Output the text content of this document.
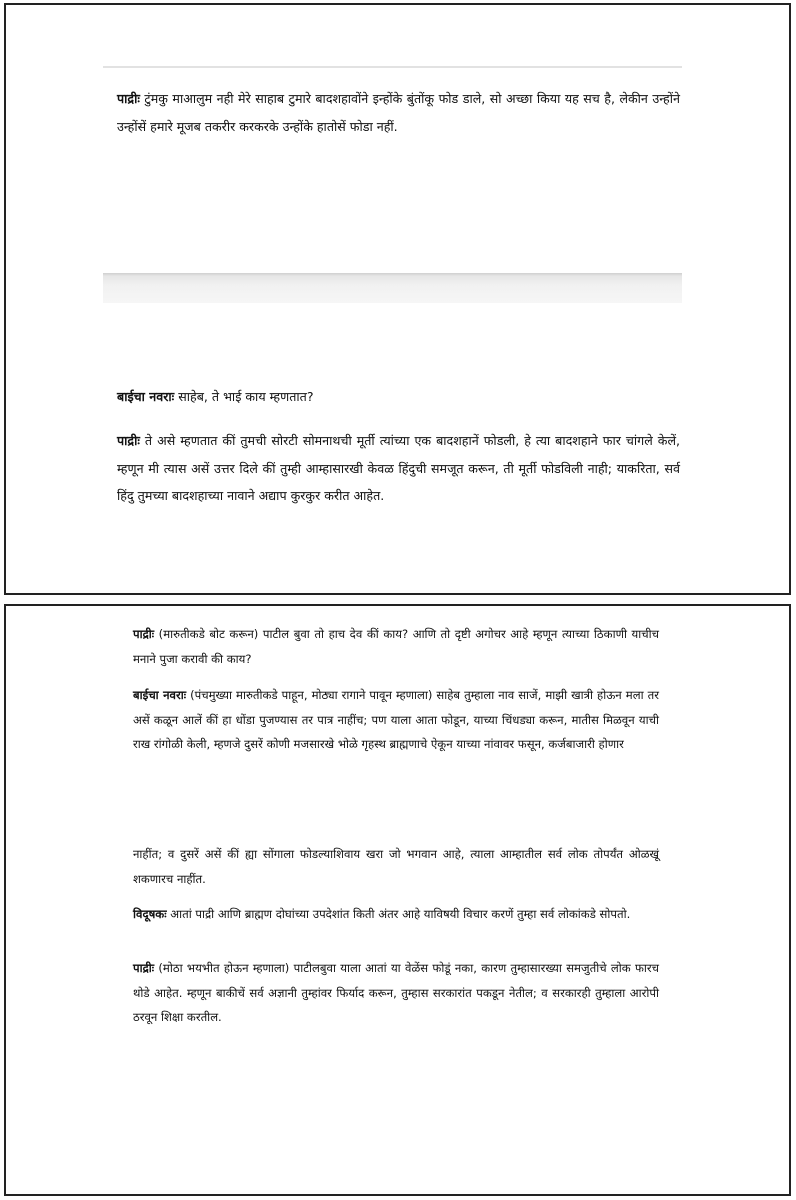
पाद्रीः टुंमकु माआलुम नही मेरे साहाब टुमारे बादशहावोंने इन्होंके बुंतोंकू फोड डाले, सो अच्छा किया यह सच है, लेकीन उन्होंने उन्होंसें हमारे मूजब तकरीर करकरके उन्होंके हातोसें फोडा नहीं.

बाईचा नवराः साहेब, ते भाई काय म्हणतात?

पाद्रीः ते असे म्हणतात कीं तुमची सोरटी सोमनाथची मूर्ती त्यांच्या एक बादशहानें फोडली, हे त्या बादशहाने फार चांगले केलें, म्हणून मी त्यास असें उत्तर दिले कीं तुम्ही आम्हासारखी केवळ हिंदुची समजूत करून, ती मूर्ती फोडविली नाही; याकरिता, सर्व हिंदु तुमच्या बादशहाच्या नावाने अद्याप कुरकुर करीत आहेत.

पाद्रीः (मारुतीकडे बोट करून) पाटील बुवा तो हाच देव कीं काय? आणि तो दृष्टी अगोचर आहे म्हणून त्याच्या ठिकाणी याचीच मनाने पुजा करावी की काय?

बाईचा नवराः (पंचमुख्या मारुतीकडे पाहून, मोठ्या रागाने पावून म्हणाला) साहेब तुम्हाला नाव साजें, माझी खात्री होऊन मला तर असें कळून आलें कीं हा धोंडा पुजण्यास तर पात्र नाहींच; पण याला आता फोडून, याच्या चिंधड्या करून, मातीस मिळवून याची राख रांगोळी केली, म्हणजे दुसरें कोणी मजसारखे भोळे गृहस्थ ब्राह्मणाचे ऐकून याच्या नांवावर फसून, कर्जबाजारी होणार

नाहींत; व दुसरें असें कीं ह्या सोंगाला फोडल्याशिवाय खरा जो भगवान आहे, त्याला आम्हातील सर्व लोक तोपर्यंत ओळखूं शकणारच नाहींत.

विदूषकः आतां पाद्री आणि ब्राह्मण दोघांच्या उपदेशांत किती अंतर आहे याविषयी विचार करणें तुम्हा सर्व लोकांकडे सोपतो.

पाद्रीः (मोठा भयभीत होऊन म्हणाला) पाटीलबुवा याला आतां या वेळेंस फोडूं नका, कारण तुम्हासारख्या समजुतीचे लोक फारच थोडे आहेत. म्हणून बाकीचें सर्व अज्ञानी तुम्हांवर फिर्याद करून, तुम्हास सरकारांत पकडून नेतील; व सरकारही तुम्हाला आरोपी ठरवून शिक्षा करतील.
